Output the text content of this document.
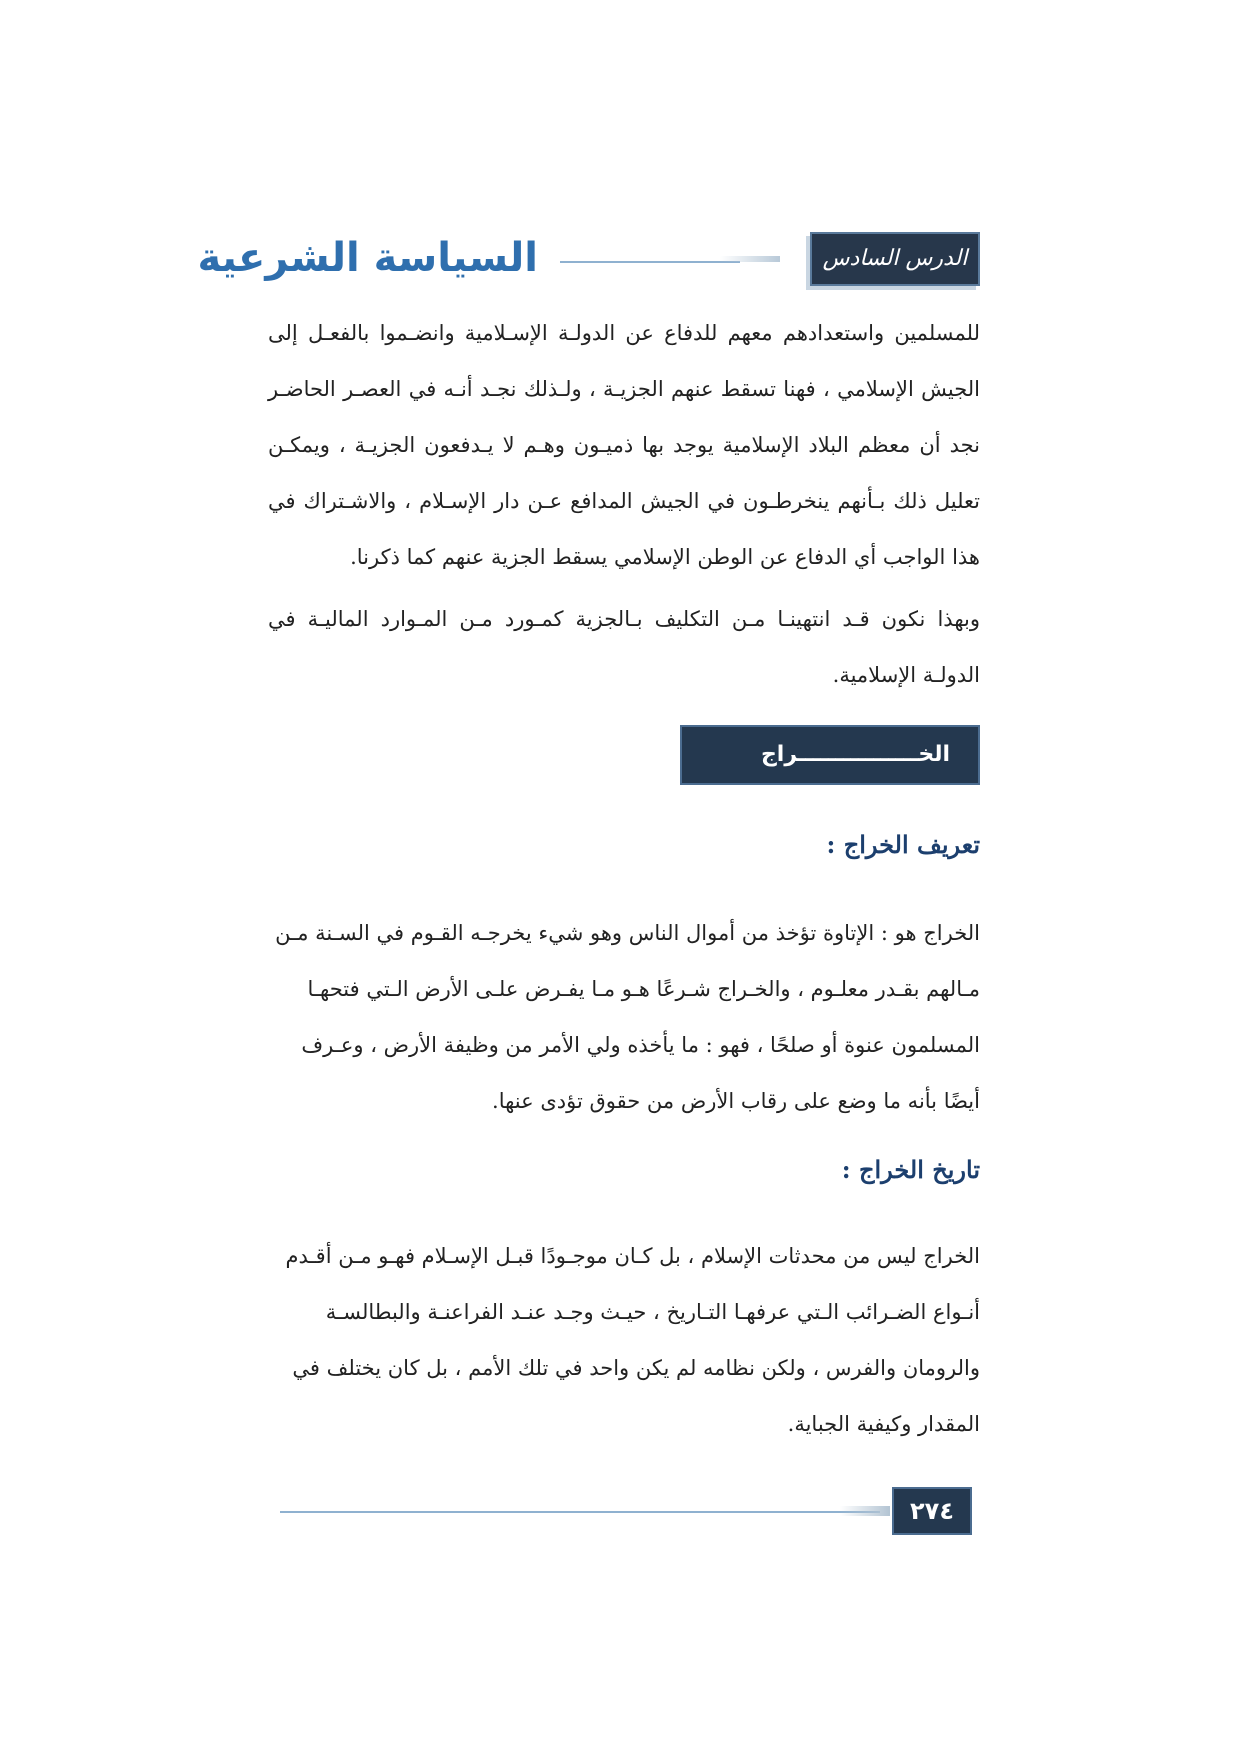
السياسة الشرعية	الدرس السادس

للمسلمين واستعدادهم معهم للدفاع عن الدولـة الإسـلامية وانضـموا بالفعـل إلى الجيش الإسلامي ، فهنا تسقط عنهم الجزيـة ، ولـذلك نجـد أنـه في العصـر الحاضـر نجد أن معظم البلاد الإسلامية يوجد بها ذميـون وهـم لا يـدفعون الجزيـة ، ويمكـن تعليل ذلك بـأنهم ينخرطـون في الجيش المدافع عـن دار الإسـلام ، والاشـتراك في هذا الواجب أي الدفاع عن الوطن الإسلامي يسقط الجزية عنهم كما ذكرنا.

وبهذا نكون قـد انتهينـا مـن التكليف بـالجزية كمـورد مـن المـوارد الماليـة في الدولـة الإسلامية.

الخــــــــــــــــراج
تعريف الخراج :

الخراج هو : الإتاوة تؤخذ من أموال الناس وهو شيء يخرجـه القـوم في السـنة مـن مـالهم بقـدر معلـوم ، والخـراج شـرعًا هـو مـا يفـرض علـى الأرض الـتي فتحهـا المسلمون عنوة أو صلحًا ، فهو : ما يأخذه ولي الأمر من وظيفة الأرض ، وعـرف أيضًا بأنه ما وضع على رقاب الأرض من حقوق تؤدى عنها.

تاريخ الخراج :

الخراج ليس من محدثات الإسلام ، بل كـان موجـودًا قبـل الإسـلام فهـو مـن أقـدم أنـواع الضـرائب الـتي عرفهـا التـاريخ ، حيـث وجـد عنـد الفراعنـة والبطالسـة والرومان والفرس ، ولكن نظامه لم يكن واحد في تلك الأمم ، بل كان يختلف في المقدار وكيفية الجباية.

٢٧٤
